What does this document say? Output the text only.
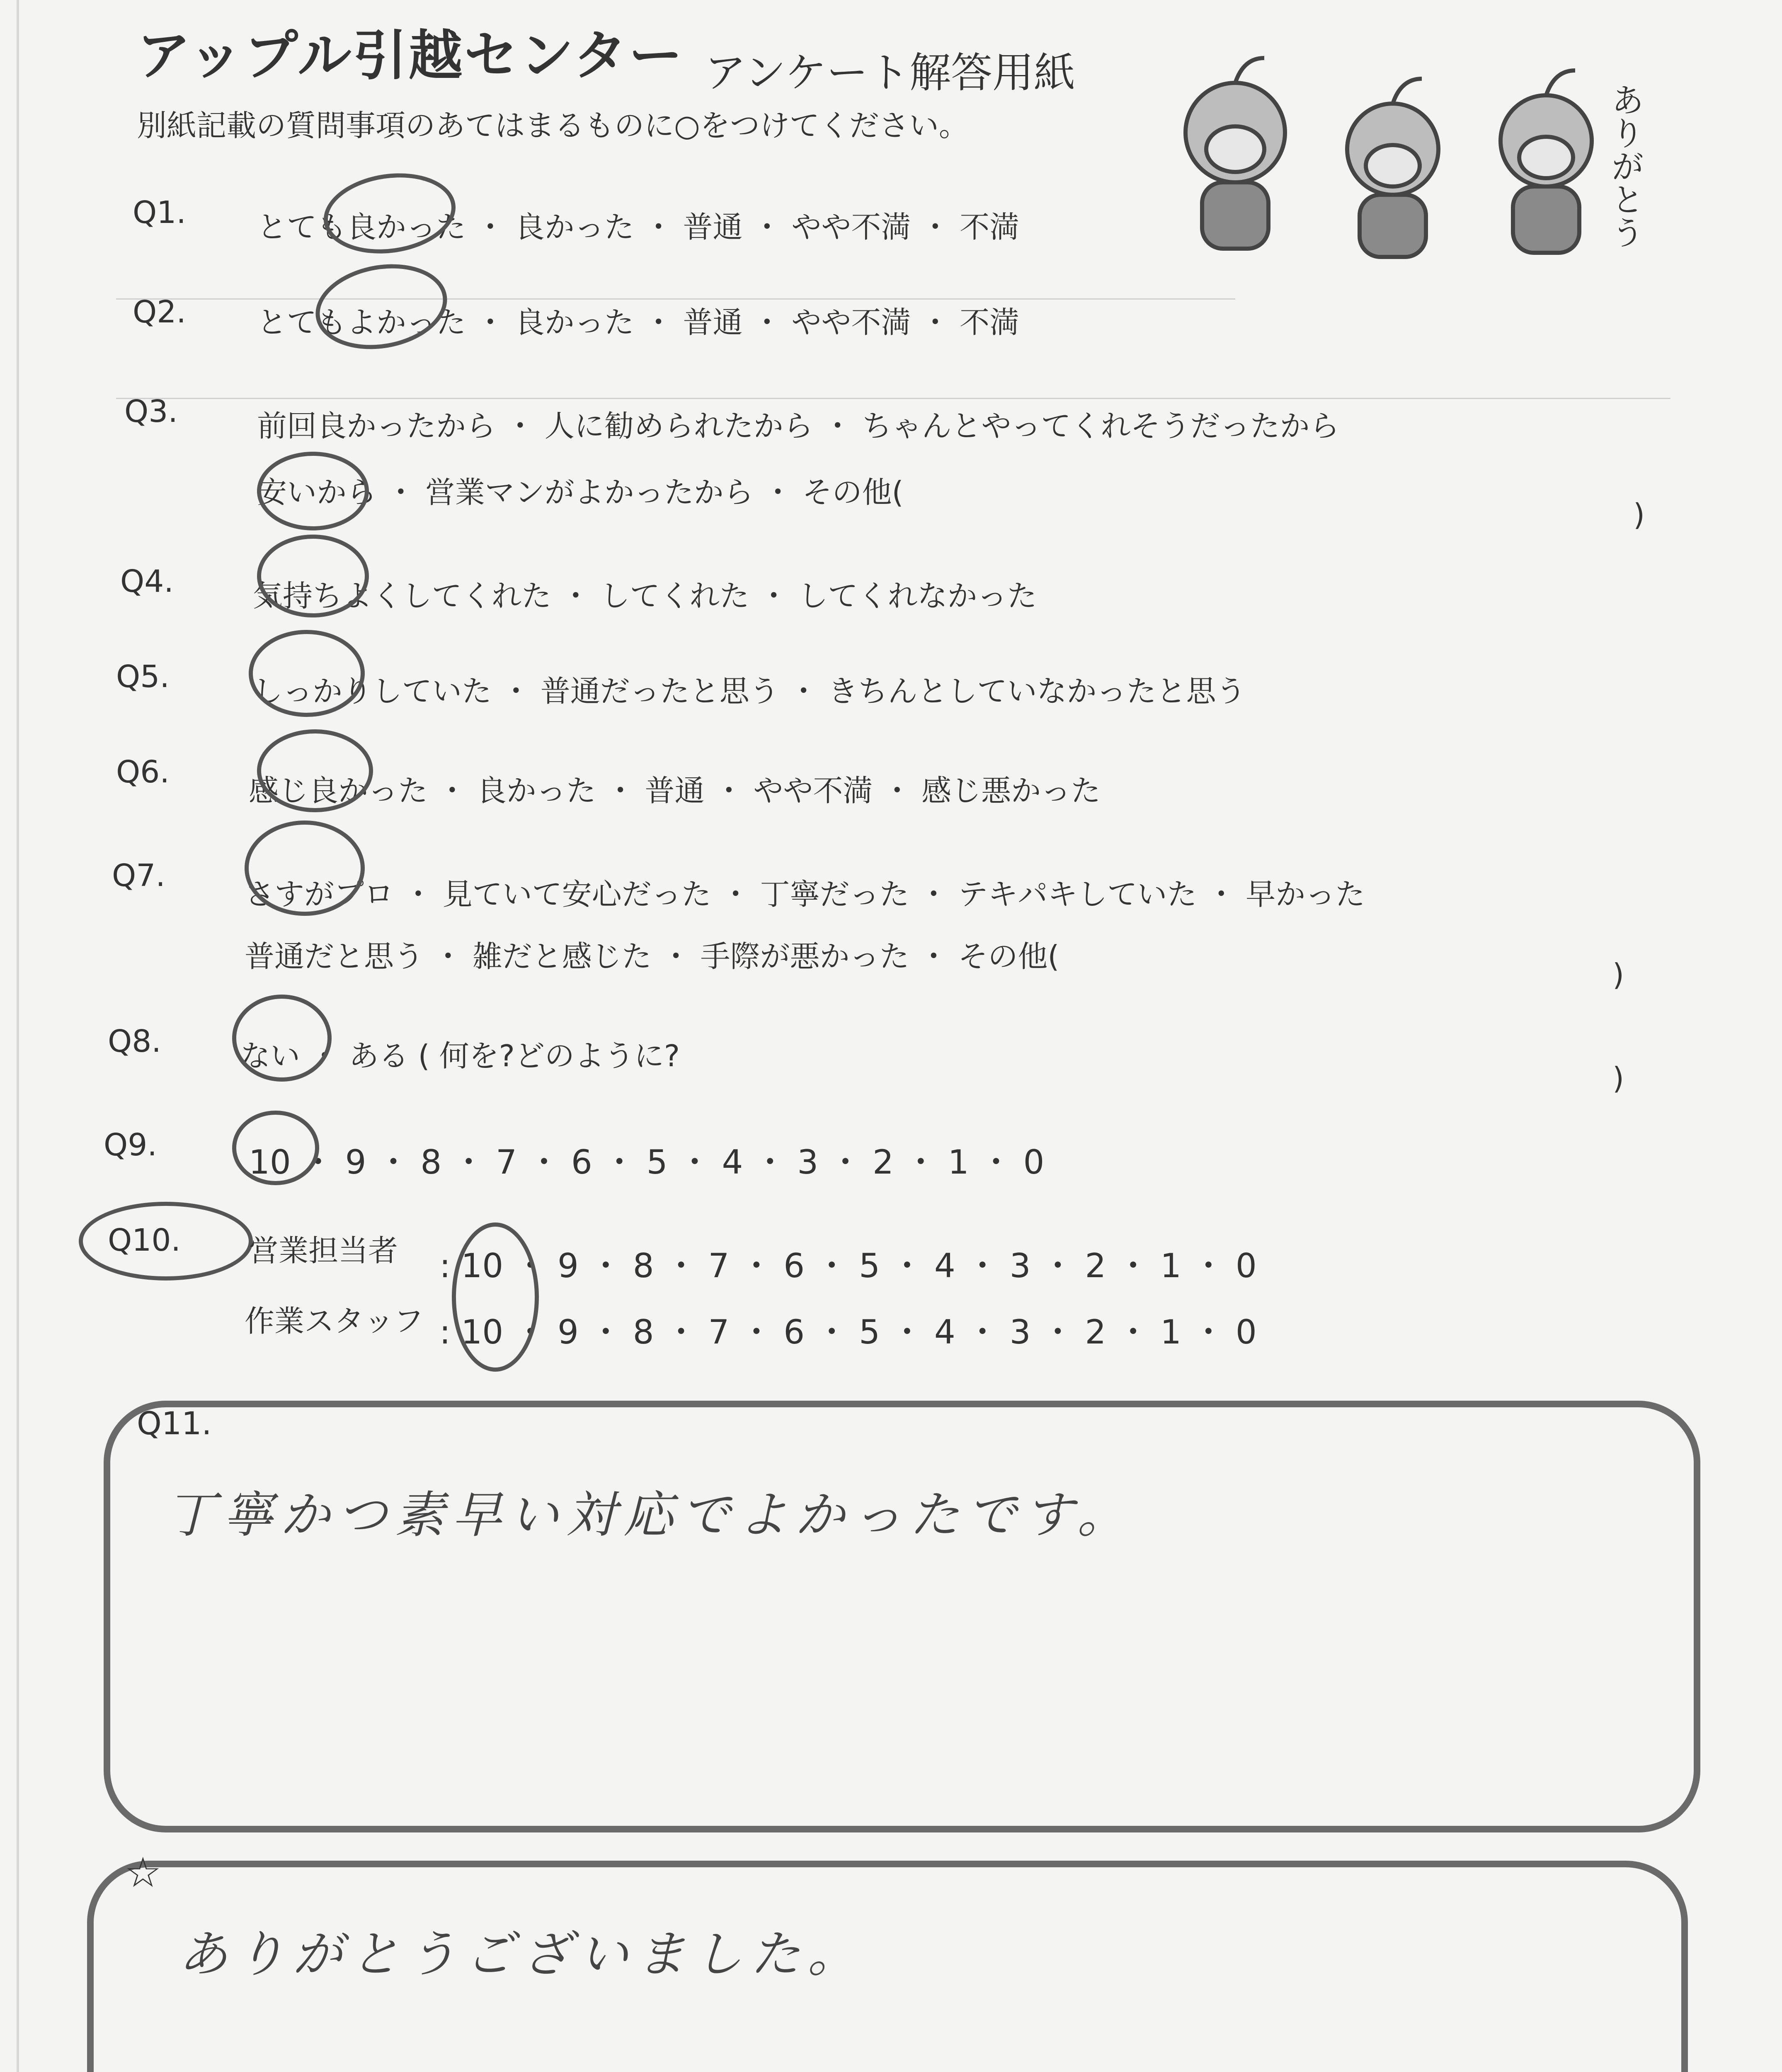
アップル引越センター アンケート解答用紙
別紙記載の質問事項のあてはまるものに○をつけてください。	ありがとう
Q1. とても良かった ・ 良かった ・ 普通 ・ やや不満 ・ 不満
Q2. とてもよかった ・ 良かった ・ 普通 ・ やや不満 ・ 不満
Q3.	前回良かったから ・ 人に勧められたから ・ ちゃんとやってくれそうだったから
安いから ・ 営業マンがよかったから ・ その他(
)
Q4.	気持ちよくしてくれた ・ してくれた ・ してくれなかった
Q5.	しっかりしていた ・ 普通だったと思う ・ きちんとしていなかったと思う
Q6.
感じ良かった ・ 良かった ・ 普通 ・ やや不満 ・ 感じ悪かった
Q7.
さすがプロ ・ 見ていて安心だった ・ 丁寧だった ・ テキパキしていた ・ 早かった
普通だと思う ・ 雑だと感じた ・ 手際が悪かった ・ その他(
)
Q8.	ない ・ ある ( 何を?どのように?
)
Q9.	10 ・ 9 ・ 8 ・ 7 ・ 6 ・ 5 ・ 4 ・ 3 ・ 2 ・ 1 ・ 0
Q10. 営業担当者 : 10 ・ 9 ・ 8 ・ 7 ・ 6 ・ 5 ・ 4 ・ 3 ・ 2 ・ 1 ・ 0
作業スタッフ : 10 ・ 9 ・ 8 ・ 7 ・ 6 ・ 5 ・ 4 ・ 3 ・ 2 ・ 1 ・ 0
Q11.
丁寧かつ素早い対応でよかったです。
☆
ありがとうございました。
